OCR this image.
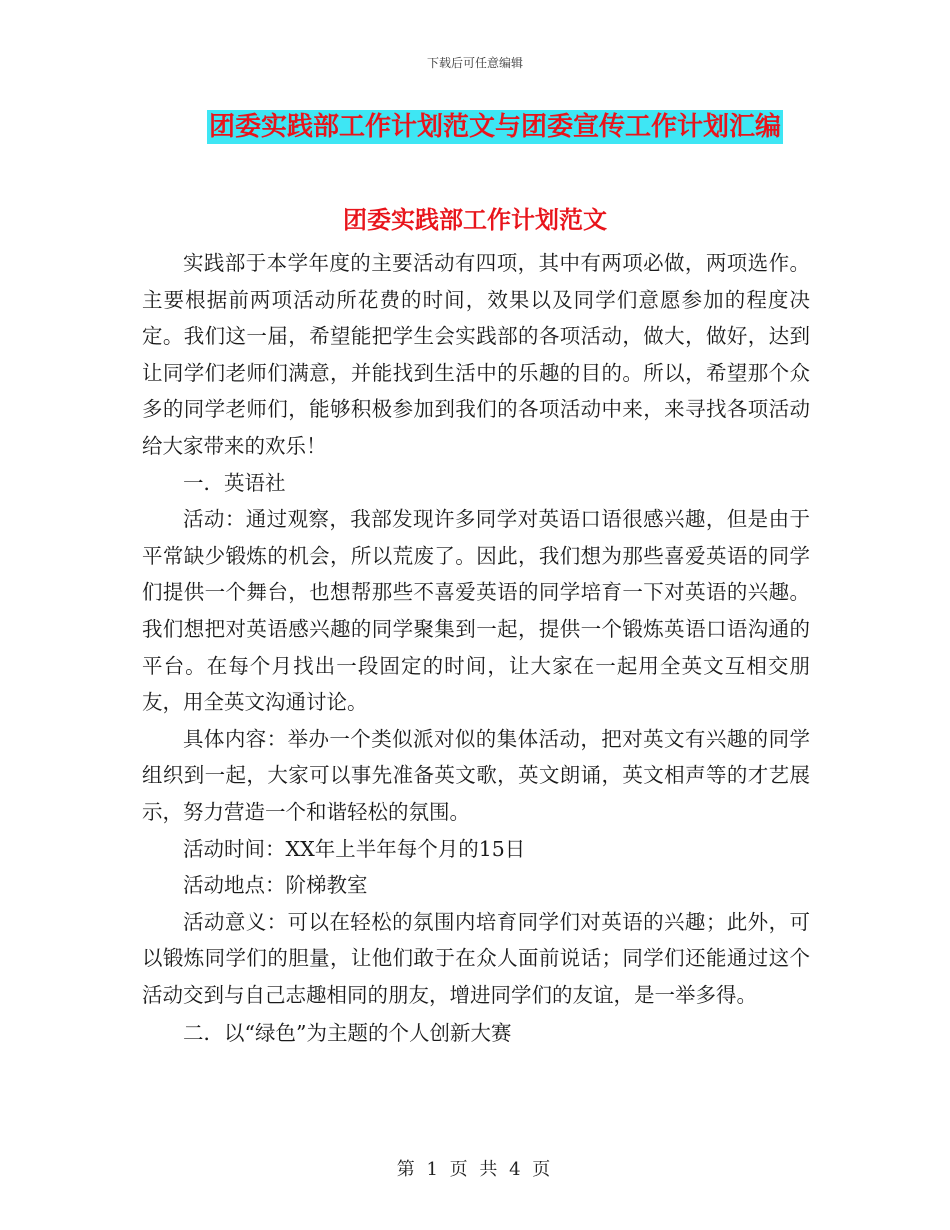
下载后可任意编辑
团委实践部工作计划范文与团委宣传工作计划汇编
团委实践部工作计划范文

实践部于本学年度的主要活动有四项，其中有两项必做，两项选作。主要根据前两项活动所花费的时间，效果以及同学们意愿参加的程度决定。我们这一届，希望能把学生会实践部的各项活动，做大，做好，达到让同学们老师们满意，并能找到生活中的乐趣的目的。所以，希望那个众多的同学老师们，能够积极参加到我们的各项活动中来，来寻找各项活动给大家带来的欢乐！

一．英语社

活动：通过观察，我部发现许多同学对英语口语很感兴趣，但是由于平常缺少锻炼的机会，所以荒废了。因此，我们想为那些喜爱英语的同学们提供一个舞台，也想帮那些不喜爱英语的同学培育一下对英语的兴趣。我们想把对英语感兴趣的同学聚集到一起，提供一个锻炼英语口语沟通的平台。在每个月找出一段固定的时间，让大家在一起用全英文互相交朋友，用全英文沟通讨论。

具体内容：举办一个类似派对似的集体活动，把对英文有兴趣的同学组织到一起，大家可以事先准备英文歌，英文朗诵，英文相声等的才艺展示，努力营造一个和谐轻松的氛围。

活动时间：XX年上半年每个月的15日

活动地点：阶梯教室

活动意义：可以在轻松的氛围内培育同学们对英语的兴趣；此外，可以锻炼同学们的胆量，让他们敢于在众人面前说话；同学们还能通过这个活动交到与自己志趣相同的朋友，增进同学们的友谊，是一举多得。

二．以“绿色”为主题的个人创新大赛

第 1 页 共 4 页
